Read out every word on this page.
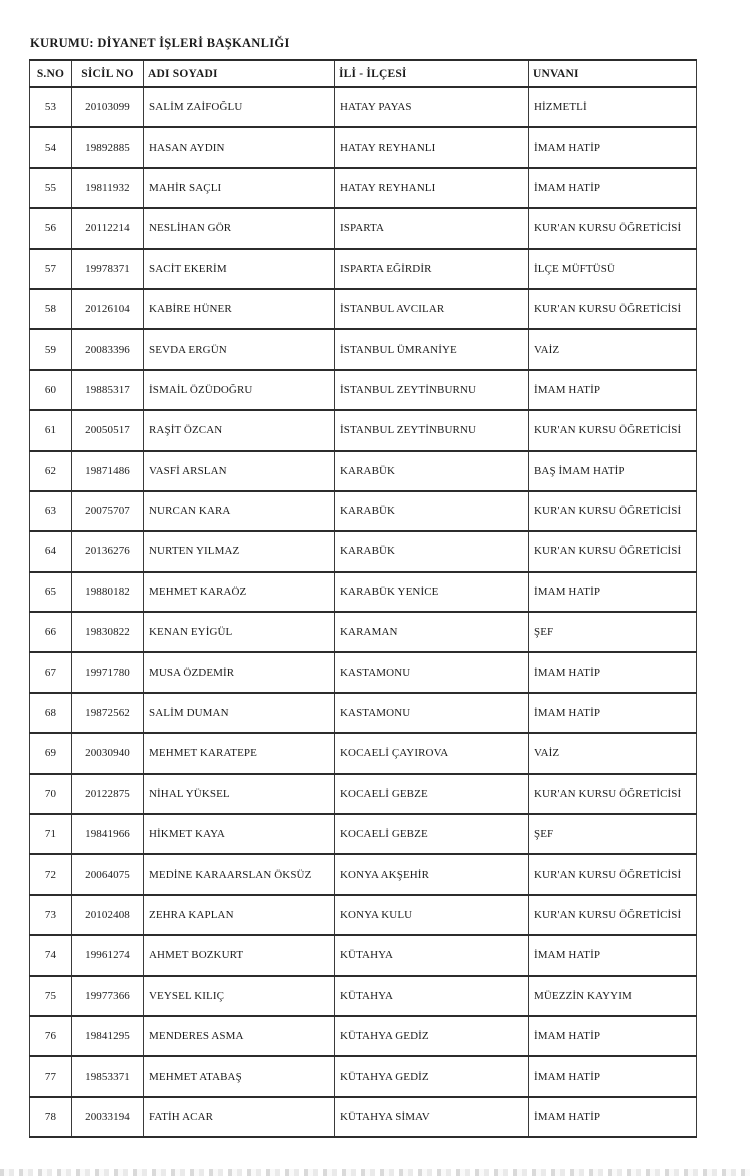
KURUMU: DİYANET İŞLERİ BAŞKANLIĞI
S.NO	SİCİL NO	ADI SOYADI	İLİ - İLÇESİ	UNVANI
53	20103099	SALİM ZAİFOĞLU	HATAY PAYAS	HİZMETLİ
54	19892885	HASAN AYDIN	HATAY REYHANLI	İMAM HATİP
55	19811932	MAHİR SAÇLI	HATAY REYHANLI	İMAM HATİP
56	20112214	NESLİHAN GÖR	ISPARTA	KUR'AN KURSU ÖĞRETİCİSİ
57	19978371	SACİT EKERİM	ISPARTA EĞİRDİR	İLÇE MÜFTÜSÜ
58	20126104	KABİRE HÜNER	İSTANBUL AVCILAR	KUR'AN KURSU ÖĞRETİCİSİ
59	20083396	SEVDA ERGÜN	İSTANBUL ÜMRANİYE	VAİZ
60	19885317	İSMAİL ÖZÜDOĞRU	İSTANBUL ZEYTİNBURNU	İMAM HATİP
61	20050517	RAŞİT ÖZCAN	İSTANBUL ZEYTİNBURNU	KUR'AN KURSU ÖĞRETİCİSİ
62	19871486	VASFİ ARSLAN	KARABÜK	BAŞ İMAM HATİP
63	20075707	NURCAN KARA	KARABÜK	KUR'AN KURSU ÖĞRETİCİSİ
64	20136276	NURTEN YILMAZ	KARABÜK	KUR'AN KURSU ÖĞRETİCİSİ
65	19880182	MEHMET KARAÖZ	KARABÜK YENİCE	İMAM HATİP
66	19830822	KENAN EYİGÜL	KARAMAN	ŞEF
67	19971780	MUSA ÖZDEMİR	KASTAMONU	İMAM HATİP
68	19872562	SALİM DUMAN	KASTAMONU	İMAM HATİP
69	20030940	MEHMET KARATEPE	KOCAELİ ÇAYIROVA	VAİZ
70	20122875	NİHAL YÜKSEL	KOCAELİ GEBZE	KUR'AN KURSU ÖĞRETİCİSİ
71	19841966	HİKMET KAYA	KOCAELİ GEBZE	ŞEF
72	20064075	MEDİNE KARAARSLAN ÖKSÜZ	KONYA AKŞEHİR	KUR'AN KURSU ÖĞRETİCİSİ
73	20102408	ZEHRA KAPLAN	KONYA KULU	KUR'AN KURSU ÖĞRETİCİSİ
74	19961274	AHMET BOZKURT	KÜTAHYA	İMAM HATİP
75	19977366	VEYSEL KILIÇ	KÜTAHYA	MÜEZZİN KAYYIM
76	19841295	MENDERES ASMA	KÜTAHYA GEDİZ	İMAM HATİP
77	19853371	MEHMET ATABAŞ	KÜTAHYA GEDİZ	İMAM HATİP
78	20033194	FATİH ACAR	KÜTAHYA SİMAV	İMAM HATİP
